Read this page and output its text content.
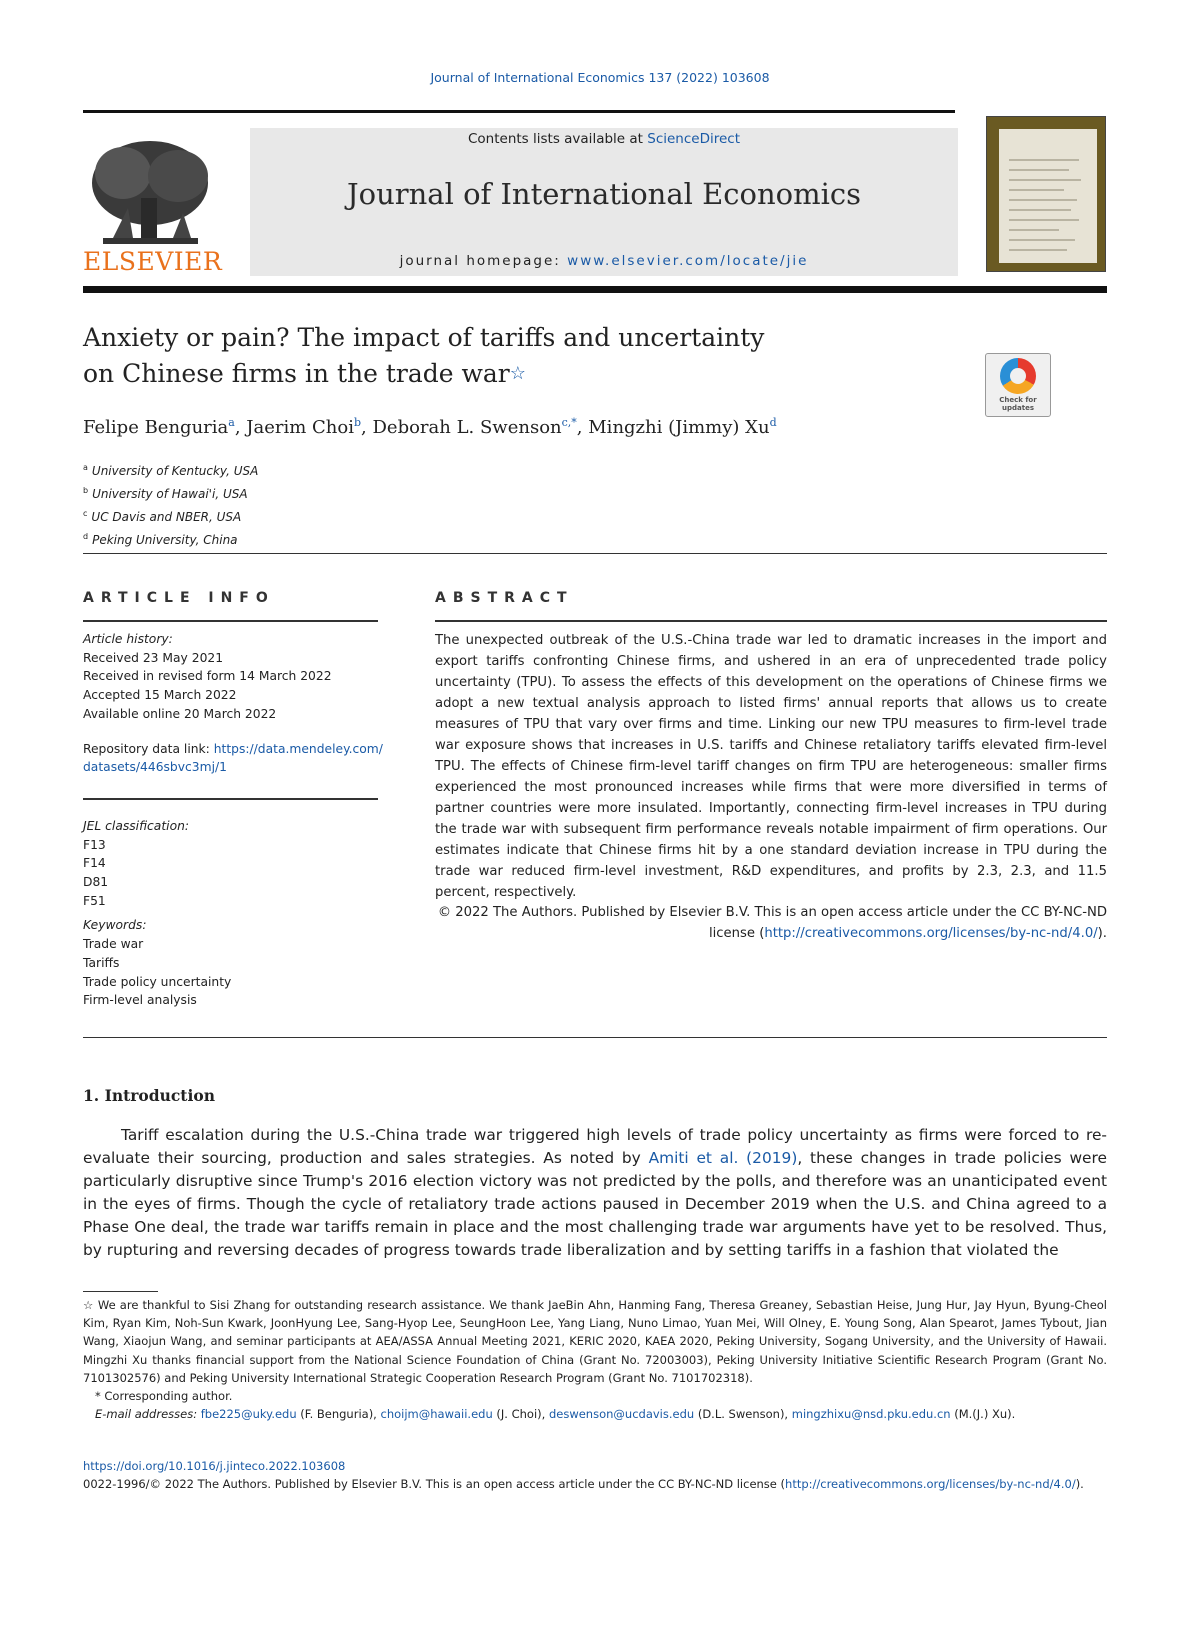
Journal of International Economics 137 (2022) 103608
ELSEVIER
Contents lists available at ScienceDirect
Journal of International Economics
journal homepage: www.elsevier.com/locate/jie
Anxiety or pain? The impact of tariffs and uncertainty
on Chinese firms in the trade war☆
Check for updates
Felipe Benguria$^a$, Jaerim Choi$^b$, Deborah L. Swenson$^{c,*}$, Mingzhi (Jimmy) Xu$^d$
$^a$ University of Kentucky, USA
$^b$ University of Hawai'i, USA
$^c$ UC Davis and NBER, USA
$^d$ Peking University, China
ARTICLE INFO	ABSTRACT
Article history:
Received 23 May 2021
Received in revised form 14 March 2022
Accepted 15 March 2022
Available online 20 March 2022
Repository data link: https://data.mendeley.com/datasets/446sbvc3mj/1
JEL classification:
F13
F14
D81
F51
Keywords:
Trade war
Tariffs
Trade policy uncertainty
Firm-level analysis
The unexpected outbreak of the U.S.-China trade war led to dramatic increases in the import and export tariffs confronting Chinese firms, and ushered in an era of unprecedented trade policy uncertainty (TPU). To assess the effects of this development on the operations of Chinese firms we adopt a new textual analysis approach to listed firms' annual reports that allows us to create measures of TPU that vary over firms and time. Linking our new TPU measures to firm-level trade war exposure shows that increases in U.S. tariffs and Chinese retaliatory tariffs elevated firm-level TPU. The effects of Chinese firm-level tariff changes on firm TPU are heterogeneous: smaller firms experienced the most pronounced increases while firms that were more diversified in terms of partner countries were more insulated. Importantly, connecting firm-level increases in TPU during the trade war with subsequent firm performance reveals notable impairment of firm operations. Our estimates indicate that Chinese firms hit by a one standard deviation increase in TPU during the trade war reduced firm-level investment, R&D expenditures, and profits by 2.3, 2.3, and 11.5 percent, respectively.
© 2022 The Authors. Published by Elsevier B.V. This is an open access article under the CC BY-NC-ND license (http://creativecommons.org/licenses/by-nc-nd/4.0/).
1. Introduction
Tariff escalation during the U.S.-China trade war triggered high levels of trade policy uncertainty as firms were forced to re-evaluate their sourcing, production and sales strategies. As noted by Amiti et al. (2019), these changes in trade policies were particularly disruptive since Trump's 2016 election victory was not predicted by the polls, and therefore was an unanticipated event in the eyes of firms. Though the cycle of retaliatory trade actions paused in December 2019 when the U.S. and China agreed to a Phase One deal, the trade war tariffs remain in place and the most challenging trade war arguments have yet to be resolved. Thus, by rupturing and reversing decades of progress towards trade liberalization and by setting tariffs in a fashion that violated the
☆ We are thankful to Sisi Zhang for outstanding research assistance. We thank JaeBin Ahn, Hanming Fang, Theresa Greaney, Sebastian Heise, Jung Hur, Jay Hyun, Byung-Cheol Kim, Ryan Kim, Noh-Sun Kwark, JoonHyung Lee, Sang-Hyop Lee, SeungHoon Lee, Yang Liang, Nuno Limao, Yuan Mei, Will Olney, E. Young Song, Alan Spearot, James Tybout, Jian Wang, Xiaojun Wang, and seminar participants at AEA/ASSA Annual Meeting 2021, KERIC 2020, KAEA 2020, Peking University, Sogang University, and the University of Hawaii. Mingzhi Xu thanks financial support from the National Science Foundation of China (Grant No. 72003003), Peking University Initiative Scientific Research Program (Grant No. 7101302576) and Peking University International Strategic Cooperation Research Program (Grant No. 7101702318).
* Corresponding author.
E-mail addresses: fbe225@uky.edu (F. Benguria), choijm@hawaii.edu (J. Choi), deswenson@ucdavis.edu (D.L. Swenson), mingzhixu@nsd.pku.edu.cn (M.(J.) Xu).
https://doi.org/10.1016/j.jinteco.2022.103608
0022-1996/© 2022 The Authors. Published by Elsevier B.V. This is an open access article under the CC BY-NC-ND license (http://creativecommons.org/licenses/by-nc-nd/4.0/).
